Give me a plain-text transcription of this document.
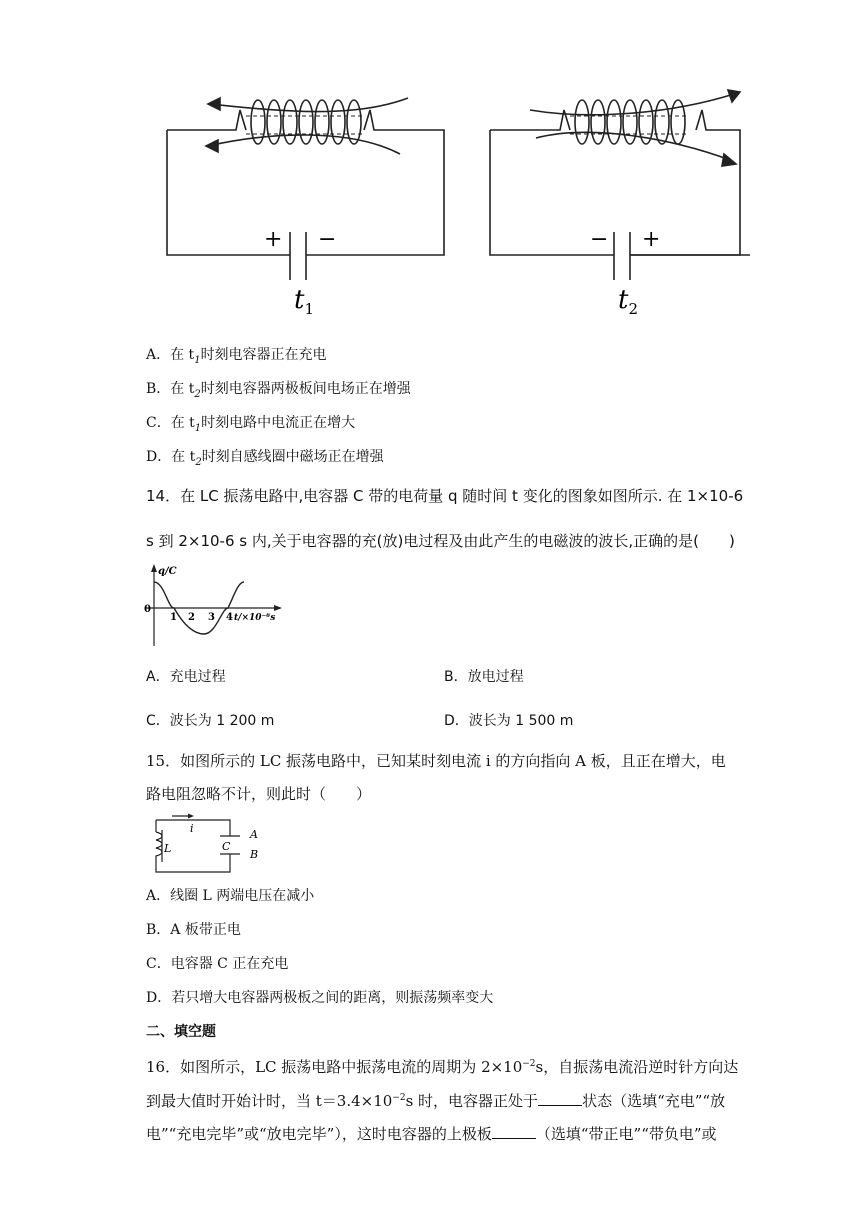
+ −
$t_1$
− +
$t_2$
A．在 $t_1$时刻电容器正在充电
B．在 $t_2$时刻电容器两极板间电场正在增强
C．在 $t_1$时刻电路中电流正在增大
D．在 $t_2$时刻自感线圈中磁场正在增强
14．在 LC 振荡电路中,电容器 C 带的电荷量 q 随时间 t 变化的图象如图所示. 在 1×10-6
s 到 2×10-6 s 内,关于电容器的充(放)电过程及由此产生的电磁波的波长,正确的是(　　)
q/C
0
1 2 3 4 t/×10⁻⁶s
A．充电过程	B．放电过程
C．波长为 1 200 m	D．波长为 1 500 m
15．如图所示的 LC 振荡电路中，已知某时刻电流 i 的方向指向 A 板，且正在增大，电
路电阻忽略不计，则此时（　　）
i
L	C
A
B
A．线圈 L 两端电压在减小
B．A 板带正电
C．电容器 C 正在充电
D．若只增大电容器两极板之间的距离，则振荡频率变大
二、填空题
16．如图所示，LC 振荡电路中振荡电流的周期为 $2\times 10^{-2}s$，自振荡电流沿逆时针方向达
到最大值时开始计时，当 $t=3.4\times 10^{-2}s$ 时，电容器正处于	状态（选填“充电”“放
电”“充电完毕”或“放电完毕”），这时电容器的上极板	（选填“带正电”“带负电”或
